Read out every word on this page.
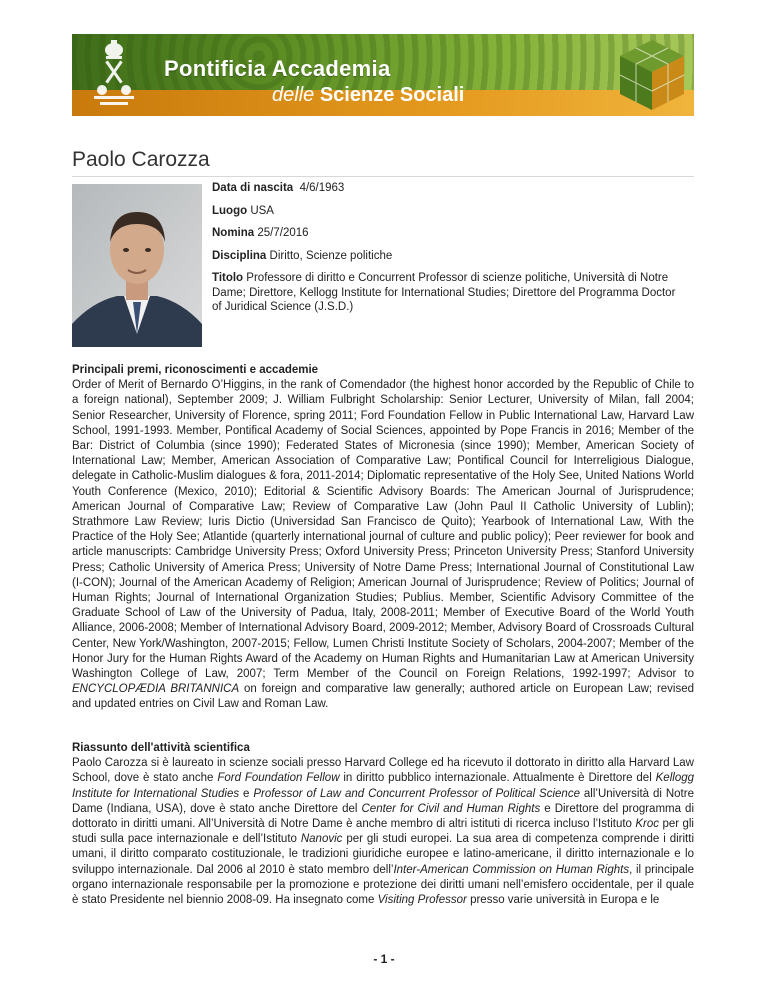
Pontificia Accademia
delle Scienze Sociali
Paolo Carozza
Data di nascita 4/6/1963
Luogo USA
Nomina 25/7/2016
Disciplina Diritto, Scienze politiche
Titolo Professore di diritto e Concurrent Professor di scienze politiche, Università di Notre Dame; Direttore, Kellogg Institute for International Studies; Direttore del Programma Doctor of Juridical Science (J.S.D.)
Principali premi, riconoscimenti e accademie

Order of Merit of Bernardo O’Higgins, in the rank of Comendador (the highest honor accorded by the Republic of Chile to a foreign national), September 2009; J. William Fulbright Scholarship: Senior Lecturer, University of Milan, fall 2004; Senior Researcher, University of Florence, spring 2011; Ford Foundation Fellow in Public International Law, Harvard Law School, 1991-1993. Member, Pontifical Academy of Social Sciences, appointed by Pope Francis in 2016; Member of the Bar: District of Columbia (since 1990); Federated States of Micronesia (since 1990); Member, American Society of International Law; Member, American Association of Comparative Law; Pontifical Council for Interreligious Dialogue, delegate in Catholic-Muslim dialogues & fora, 2011-2014; Diplomatic representative of the Holy See, United Nations World Youth Conference (Mexico, 2010); Editorial & Scientific Advisory Boards: The American Journal of Jurisprudence; American Journal of Comparative Law; Review of Comparative Law (John Paul II Catholic University of Lublin); Strathmore Law Review; Iuris Dictio (Universidad San Francisco de Quito); Yearbook of International Law, With the Practice of the Holy See; Atlantide (quarterly international journal of culture and public policy); Peer reviewer for book and article manuscripts: Cambridge University Press; Oxford University Press; Princeton University Press; Stanford University Press; Catholic University of America Press; University of Notre Dame Press; International Journal of Constitutional Law (I-CON); Journal of the American Academy of Religion; American Journal of Jurisprudence; Review of Politics; Journal of Human Rights; Journal of International Organization Studies; Publius. Member, Scientific Advisory Committee of the Graduate School of Law of the University of Padua, Italy, 2008-2011; Member of Executive Board of the World Youth Alliance, 2006-2008; Member of International Advisory Board, 2009-2012; Member, Advisory Board of Crossroads Cultural Center, New York/Washington, 2007-2015; Fellow, Lumen Christi Institute Society of Scholars, 2004-2007; Member of the Honor Jury for the Human Rights Award of the Academy on Human Rights and Humanitarian Law at American University Washington College of Law, 2007; Term Member of the Council on Foreign Relations, 1992-1997; Advisor to ENCYCLOPÆDIA BRITANNICA on foreign and comparative law generally; authored article on European Law; revised and updated entries on Civil Law and Roman Law.

Riassunto dell'attività scientifica

Paolo Carozza si è laureato in scienze sociali presso Harvard College ed ha ricevuto il dottorato in diritto alla Harvard Law School, dove è stato anche Ford Foundation Fellow in diritto pubblico internazionale. Attualmente è Direttore del Kellogg Institute for International Studies e Professor of Law and Concurrent Professor of Political Science all’Università di Notre Dame (Indiana, USA), dove è stato anche Direttore del Center for Civil and Human Rights e Direttore del programma di dottorato in diritti umani. All’Università di Notre Dame è anche membro di altri istituti di ricerca incluso l’Istituto Kroc per gli studi sulla pace internazionale e dell’Istituto Nanovic per gli studi europei. La sua area di competenza comprende i diritti umani, il diritto comparato costituzionale, le tradizioni giuridiche europee e latino-americane, il diritto internazionale e lo sviluppo internazionale. Dal 2006 al 2010 è stato membro dell’Inter-American Commission on Human Rights, il principale organo internazionale responsabile per la promozione e protezione dei diritti umani nell’emisfero occidentale, per il quale è stato Presidente nel biennio 2008-09. Ha insegnato come Visiting Professor presso varie università in Europa e le

- 1 -
